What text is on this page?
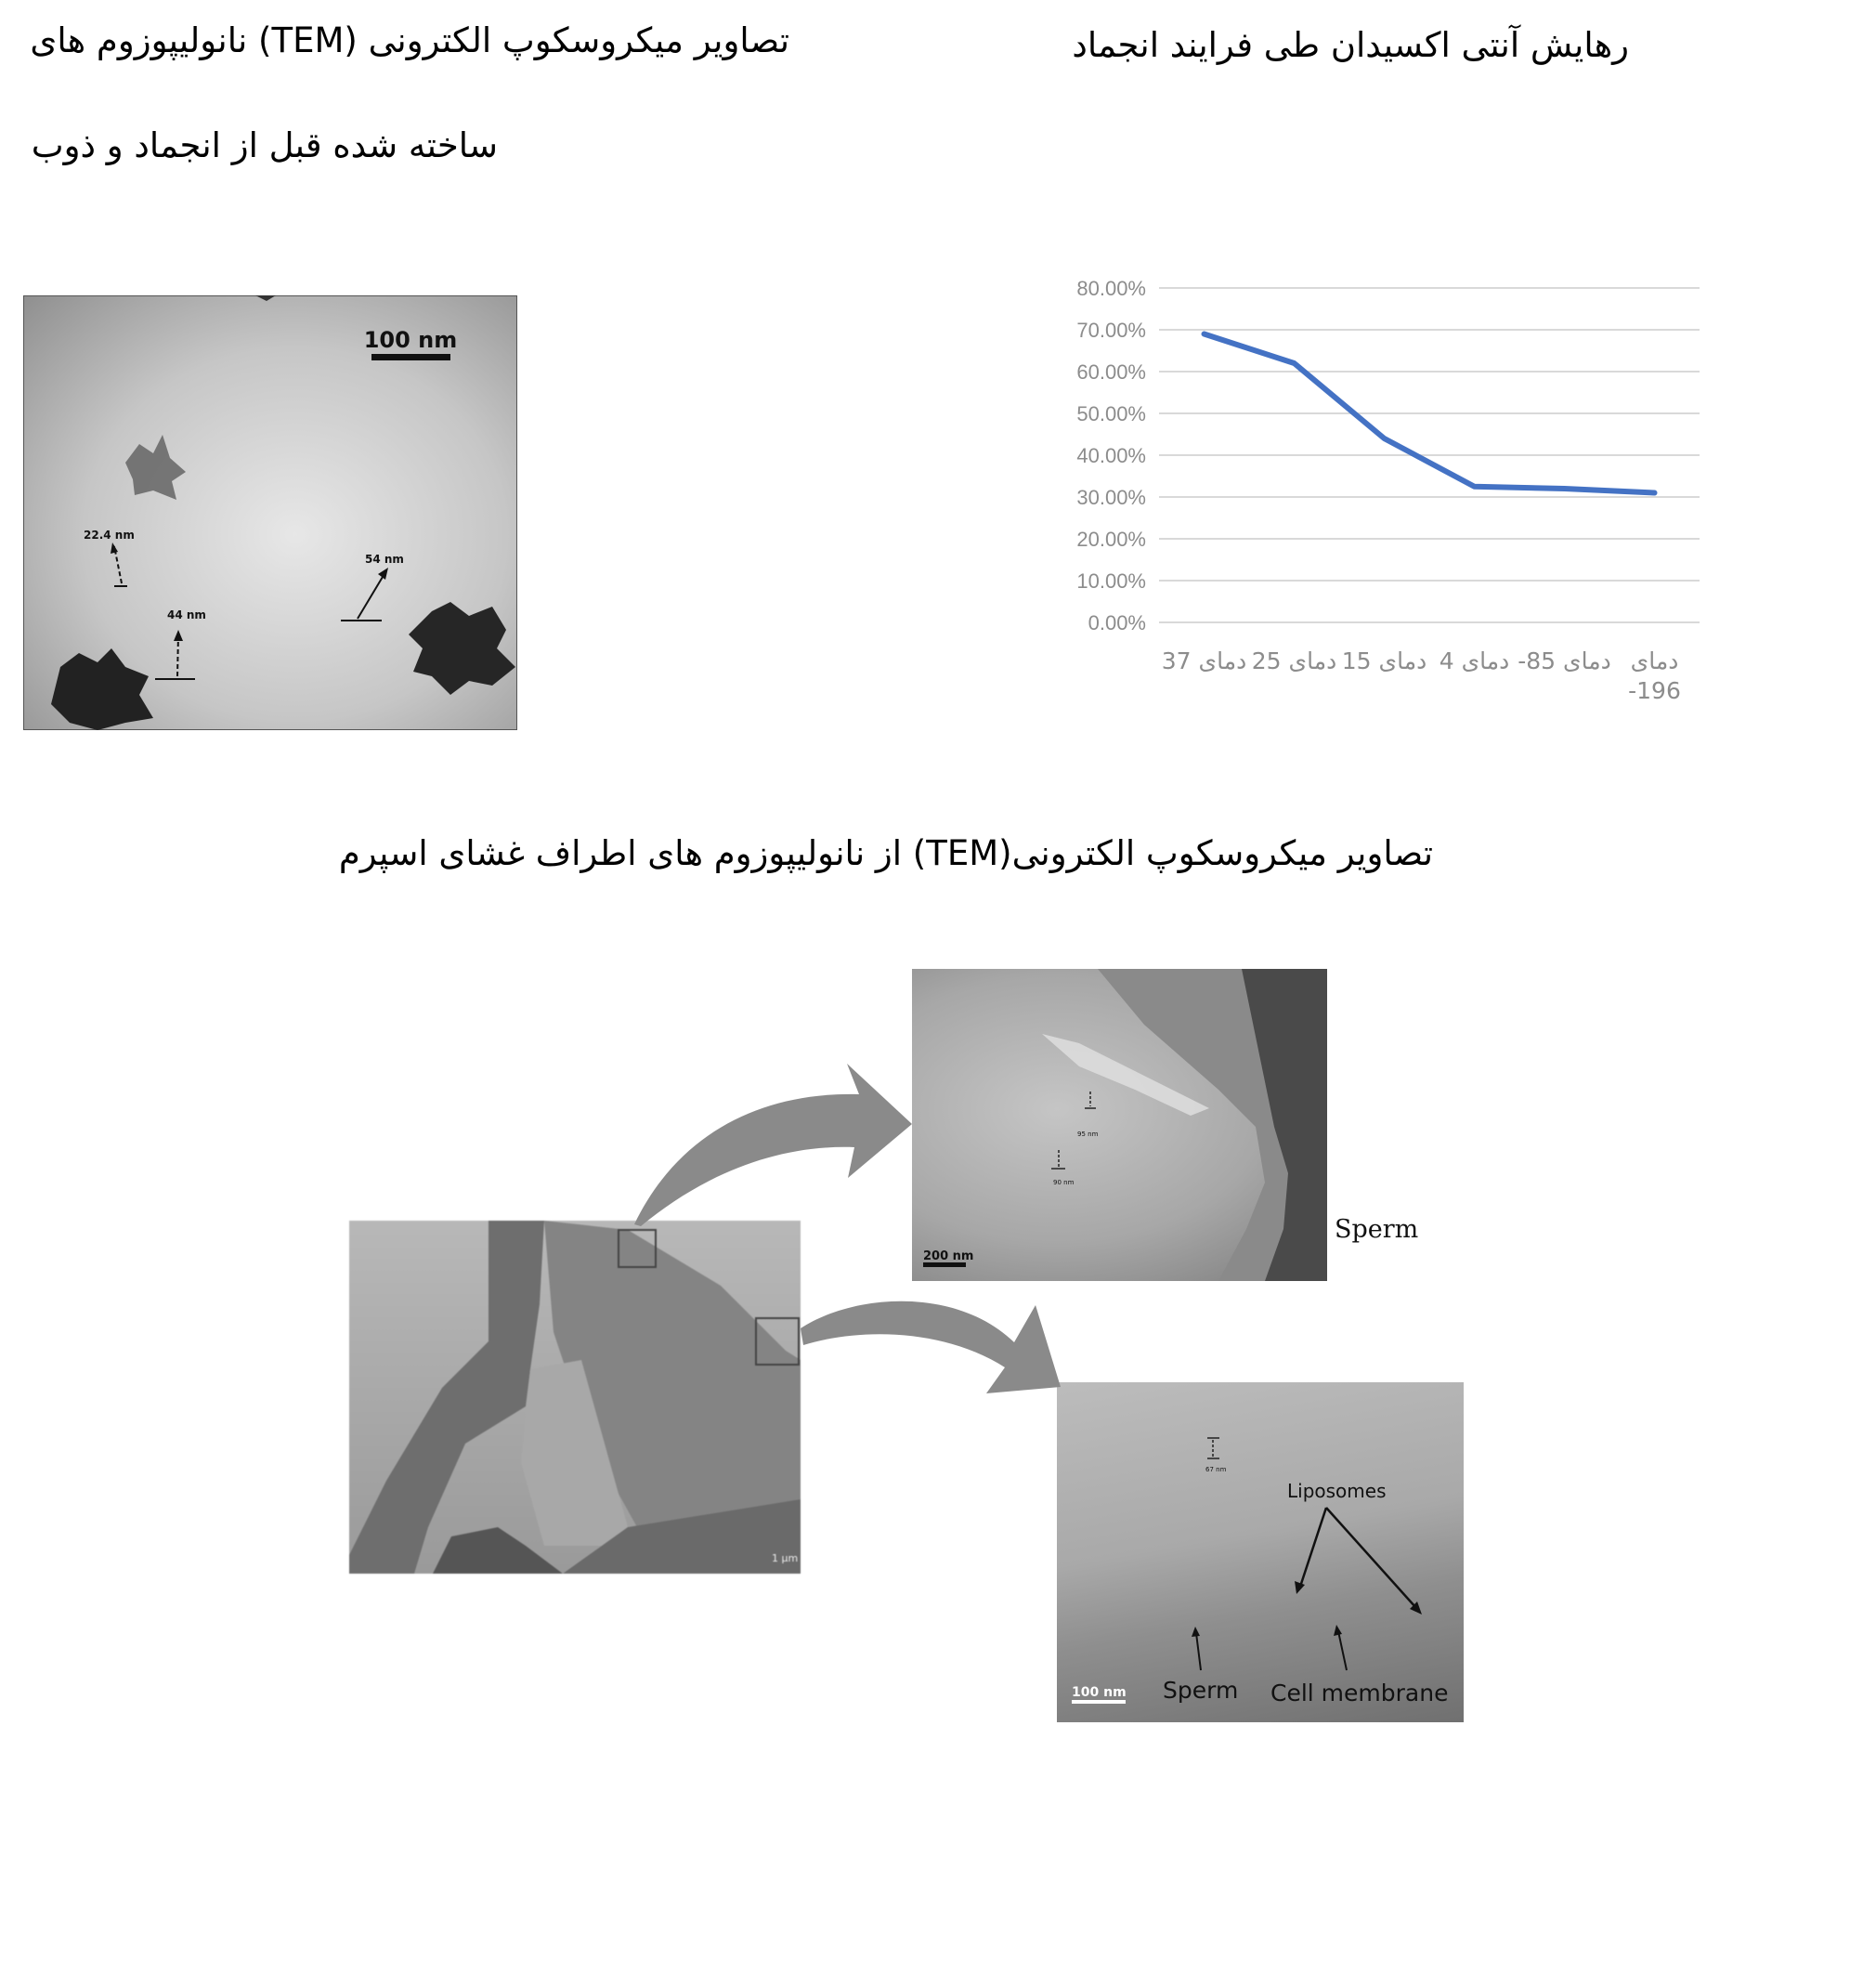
تصاویر میکروسکوپ الکترونی (TEM) نانولیپوزوم های
ساخته شده قبل از انجماد و ذوب
رهایش آنتی اکسیدان طی فرایند انجماد
تصاویر میکروسکوپ الکترونی(TEM) از نانولیپوزوم های اطراف غشای اسپرم
100 nm
22.4 nm
54 nm
44 nm	0.00%
10.00%
20.00%
30.00%
40.00%
50.00%
60.00%
70.00%
80.00%
37 دمای 25 دمای 15 دمای 4 دمای -85 دمای دمای -196
1 μm
90 nm
95 nm
200 nm
Sperm
67 nm
Liposomes
100 nm Sperm Cell membrane
